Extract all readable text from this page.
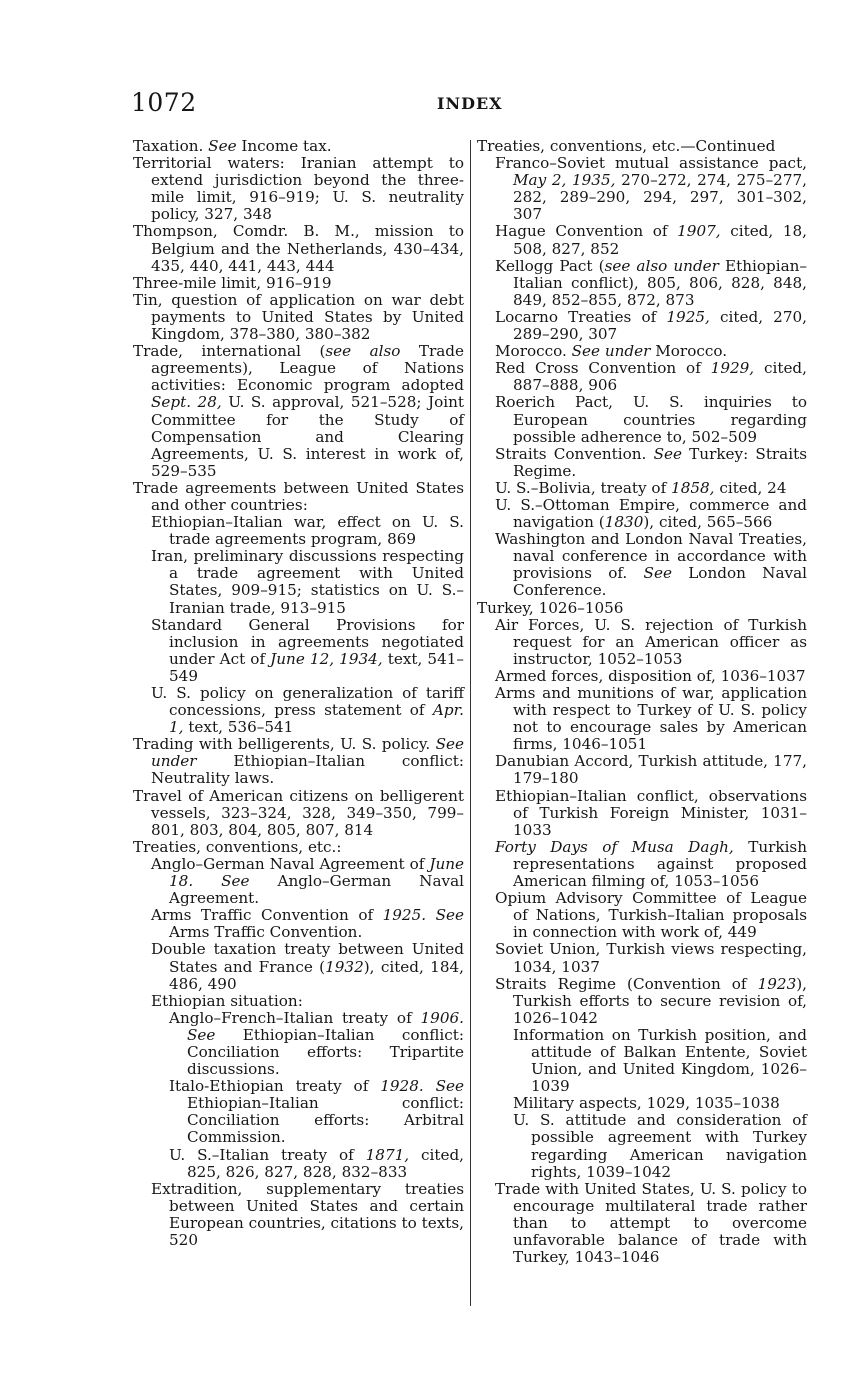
1072	INDEX

Taxation. See Income tax.

Territorial waters: Iranian attempt to extend jurisdiction beyond the three-mile limit, 916–919; U. S. neutrality policy, 327, 348

Thompson, Comdr. B. M., mission to Belgium and the Netherlands, 430–434, 435, 440, 441, 443, 444

Three-mile limit, 916–919

Tin, question of application on war debt payments to United States by United Kingdom, 378–380, 380–382

Trade, international (see also Trade agreements), League of Nations activities: Economic program adopted Sept. 28, U. S. approval, 521–528; Joint Committee for the Study of Compensation and Clearing Agreements, U. S. interest in work of, 529–535

Trade agreements between United States and other countries:

Ethiopian–Italian war, effect on U. S. trade agreements program, 869

Iran, preliminary discussions respecting a trade agreement with United States, 909–915; statistics on U. S.–Iranian trade, 913–915

Standard General Provisions for inclusion in agreements negotiated under Act of June 12, 1934, text, 541–549

U. S. policy on generalization of tariff concessions, press statement of Apr. 1, text, 536–541

Trading with belligerents, U. S. policy. See under Ethiopian–Italian conflict: Neutrality laws.

Travel of American citizens on belligerent vessels, 323–324, 328, 349–350, 799–801, 803, 804, 805, 807, 814

Treaties, conventions, etc.:

Anglo–German Naval Agreement of June 18. See Anglo–German Naval Agreement.

Arms Traffic Convention of 1925. See Arms Traffic Convention.

Double taxation treaty between United States and France (1932), cited, 184, 486, 490

Ethiopian situation:

Anglo–French–Italian treaty of 1906. See Ethiopian–Italian conflict: Conciliation efforts: Tripartite discussions.

Italo-Ethiopian treaty of 1928. See Ethiopian–Italian conflict: Conciliation efforts: Arbitral Commission.

U. S.–Italian treaty of 1871, cited, 825, 826, 827, 828, 832–833

Extradition, supplementary treaties between United States and certain European countries, citations to texts, 520

Treaties, conventions, etc.—Continued

Franco–Soviet mutual assistance pact, May 2, 1935, 270–272, 274, 275–277, 282, 289–290, 294, 297, 301–302, 307

Hague Convention of 1907, cited, 18, 508, 827, 852

Kellogg Pact (see also under Ethiopian–Italian conflict), 805, 806, 828, 848, 849, 852–855, 872, 873

Locarno Treaties of 1925, cited, 270, 289–290, 307

Morocco. See under Morocco.

Red Cross Convention of 1929, cited, 887–888, 906

Roerich Pact, U. S. inquiries to European countries regarding possible adherence to, 502–509

Straits Convention. See Turkey: Straits Regime.

U. S.–Bolivia, treaty of 1858, cited, 24

U. S.–Ottoman Empire, commerce and navigation (1830), cited, 565–566

Washington and London Naval Treaties, naval conference in accordance with provisions of. See London Naval Conference.

Turkey, 1026–1056

Air Forces, U. S. rejection of Turkish request for an American officer as instructor, 1052–1053

Armed forces, disposition of, 1036–1037

Arms and munitions of war, application with respect to Turkey of U. S. policy not to encourage sales by American firms, 1046–1051

Danubian Accord, Turkish attitude, 177, 179–180

Ethiopian–Italian conflict, observations of Turkish Foreign Minister, 1031–1033

Forty Days of Musa Dagh, Turkish representations against proposed American filming of, 1053–1056

Opium Advisory Committee of League of Nations, Turkish–Italian proposals in connection with work of, 449

Soviet Union, Turkish views respecting, 1034, 1037

Straits Regime (Convention of 1923), Turkish efforts to secure revision of, 1026–1042

Information on Turkish position, and attitude of Balkan Entente, Soviet Union, and United Kingdom, 1026–1039

Military aspects, 1029, 1035–1038

U. S. attitude and consideration of possible agreement with Turkey regarding American navigation rights, 1039–1042

Trade with United States, U. S. policy to encourage multilateral trade rather than to attempt to overcome unfavorable balance of trade with Turkey, 1043–1046
